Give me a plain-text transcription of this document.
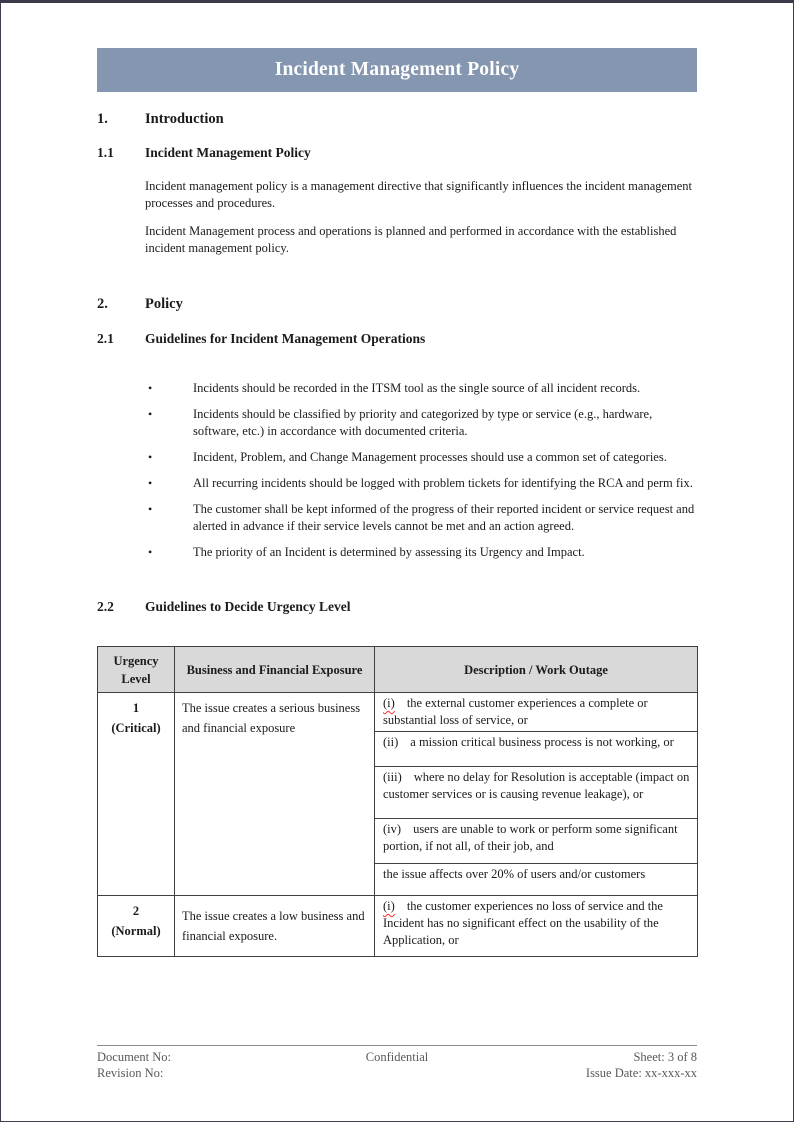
Incident Management Policy
1.	Introduction
1.1	Incident Management Policy

Incident management policy is a management directive that significantly influences the incident management processes and procedures.

Incident Management process and operations is planned and performed in accordance with the established incident management policy.

2.	Policy
2.1	Guidelines for Incident Management Operations
•	Incidents should be recorded in the ITSM tool as the single source of all incident records.
•	Incidents should be classified by priority and categorized by type or service (e.g., hardware, software, etc.) in accordance with documented criteria.
•	Incident, Problem, and Change Management processes should use a common set of categories.
•	All recurring incidents should be logged with problem tickets for identifying the RCA and perm fix.
•	The customer shall be kept informed of the progress of their reported incident or service request and alerted in advance if their service levels cannot be met and an action agreed.
•	The priority of an Incident is determined by assessing its Urgency and Impact.
2.2	Guidelines to Decide Urgency Level
Urgency Level	Business and Financial Exposure	Description / Work Outage

1
(Critical)	The issue creates a serious business and financial exposure	(i) the external customer experiences a complete or substantial loss of service, or
		(ii) a mission critical business process is not working, or
		(iii) where no delay for Resolution is acceptable (impact on customer services or is causing revenue leakage), or
		(iv) users are unable to work or perform some significant portion, if not all, of their job, and
		the issue affects over 20% of users and/or customers

2
(Normal)	The issue creates a low business and financial exposure.	(i) the customer experiences no loss of service and the Incident has no significant effect on the usability of the Application, or
Document No:
Revision No:
Confidential	Sheet: 3 of 8
Issue Date: xx-xxx-xx
